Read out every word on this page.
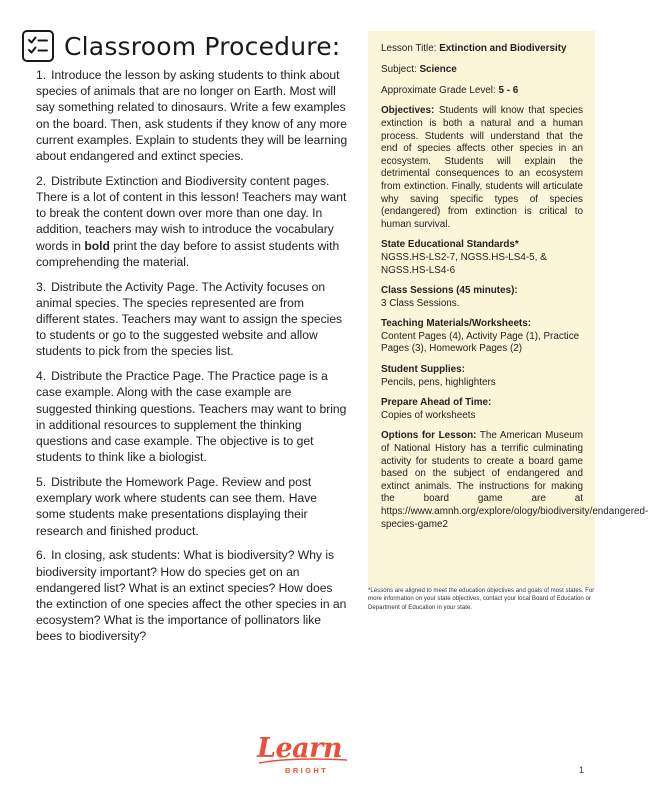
Classroom Procedure:

1. Introduce the lesson by asking students to think about species of animals that are no longer on Earth. Most will say something related to dinosaurs. Write a few examples on the board. Then, ask students if they know of any more current examples. Explain to students they will be learning about endangered and extinct species.

2. Distribute Extinction and Biodiversity content pages. There is a lot of content in this lesson! Teachers may want to break the content down over more than one day. In addition, teachers may wish to introduce the vocabulary words in bold print the day before to assist students with comprehending the material.

3. Distribute the Activity Page. The Activity focuses on animal species. The species represented are from different states. Teachers may want to assign the species to students or go to the suggested website and allow students to pick from the species list.

4. Distribute the Practice Page. The Practice page is a case example. Along with the case example are suggested thinking questions. Teachers may want to bring in additional resources to supplement the thinking questions and case example. The objective is to get students to think like a biologist.

5. Distribute the Homework Page. Review and post exemplary work where students can see them. Have some students make presentations displaying their research and finished product.

6. In closing, ask students: What is biodiversity? Why is biodiversity important? How do species get on an endangered list? What is an extinct species? How does the extinction of one species affect the other species in an ecosystem? What is the importance of pollinators like bees to biodiversity?

Lesson Title: Extinction and Biodiversity

Subject: Science

Approximate Grade Level: 5 - 6

Objectives: Students will know that species extinction is both a natural and a human process. Students will understand that the end of species affects other species in an ecosystem. Students will explain the detrimental consequences to an ecosystem from extinction. Finally, students will articulate why saving specific types of species (endangered) from extinction is critical to human survival.

State Educational Standards*
NGSS.HS-LS2-7, NGSS.HS-LS4-5, & NGSS.HS-LS4-6

Class Sessions (45 minutes):
3 Class Sessions.

Teaching Materials/Worksheets:
Content Pages (4), Activity Page (1), Practice Pages (3), Homework Pages (2)

Student Supplies:
Pencils, pens, highlighters

Prepare Ahead of Time:
Copies of worksheets

Options for Lesson: The American Museum of National History has a terrific culminating activity for students to create a board game based on the subject of endangered and extinct animals. The instructions for making the board game are at https://www.amnh.org/explore/ology/biodiversity/endangered-species-game2

*Lessons are aligned to meet the education objectives and goals of most states. For more information on your state objectives, contact your local Board of Education or Department of Education in your state.

Learn
BRIGHT	1
